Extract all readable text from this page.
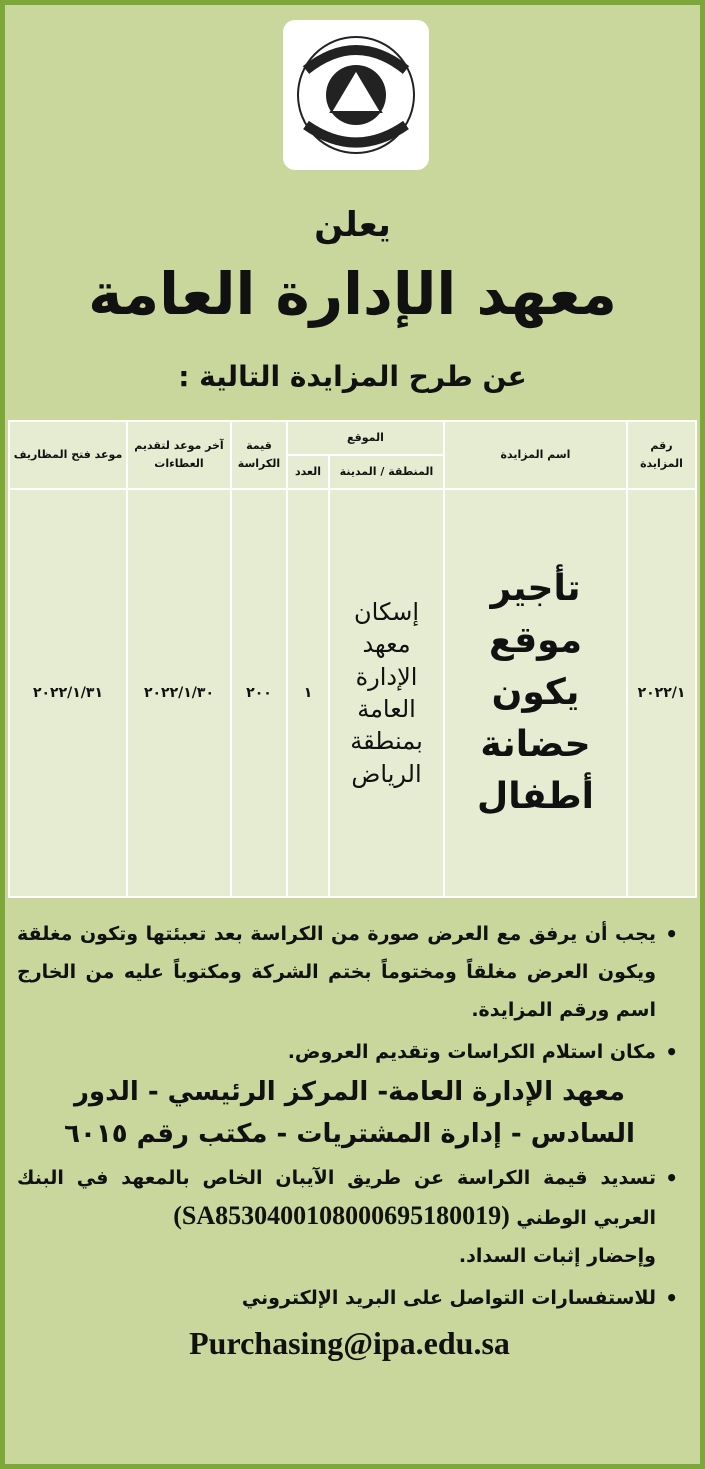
يعلن
معهد الإدارة العامة
عن طرح المزايدة التالية :
رقم المزايدة	اسم المزايدة	الموقع		قيمة الكراسة	آخر موعد لتقديم العطاءات	موعد فتح المظاريف
		المنطقة / المدينة	العدد			
٢٠٢٢/١	تأجير موقع يكون حضانة أطفال	إسكان معهد الإدارة العامة بمنطقة الرياض	١	٢٠٠	٢٠٢٢/١/٣٠	٢٠٢٢/١/٣١

• يجب أن يرفق مع العرض صورة من الكراسة بعد تعبئتها وتكون مغلقة ويكون العرض مغلقاً ومختوماً بختم الشركة ومكتوباً عليه من الخارج اسم ورقم المزايدة.

• مكان استلام الكراسات وتقديم العروض.

معهد الإدارة العامة- المركز الرئيسي - الدور السادس - إدارة المشتريات - مكتب رقم ٦٠١٥

• تسديد قيمة الكراسة عن طريق الآيبان الخاص بالمعهد في البنك العربي الوطني (SA8530400108000695180019)

وإحضار إثبات السداد.

• للاستفسارات التواصل على البريد الإلكتروني

Purchasing@ipa.edu.sa
